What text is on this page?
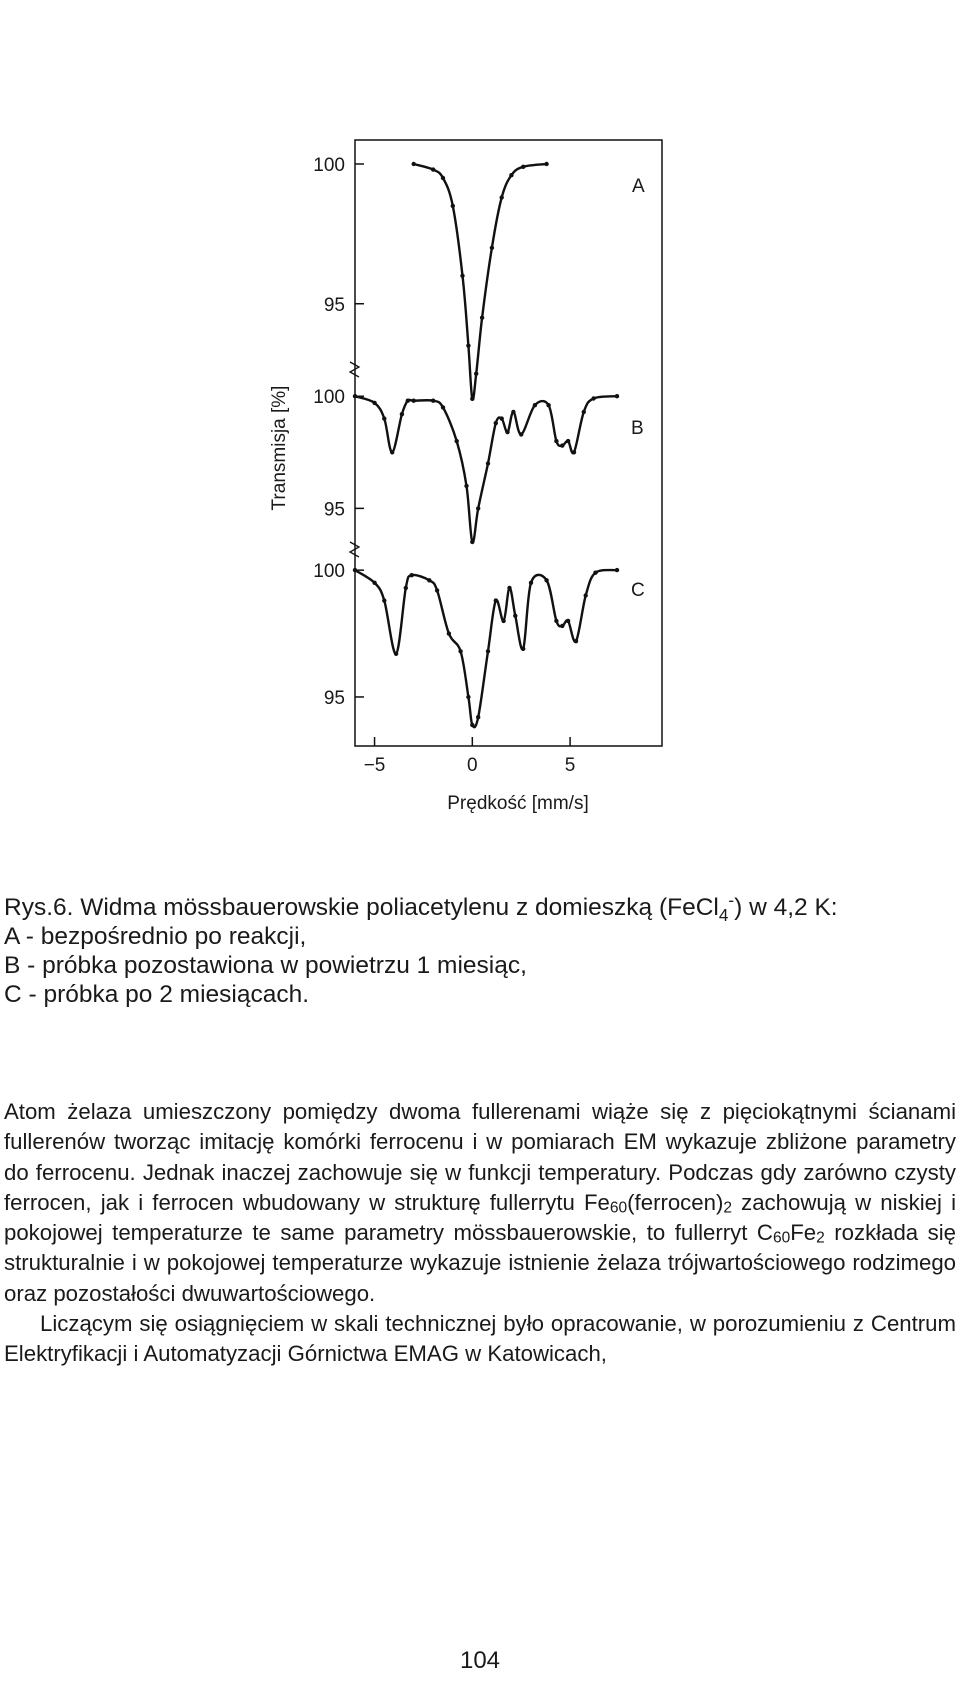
100
95
100
95
100
95
−5	0	5
Transmisja [%]
Prędkość [mm/s]
A
B
C
Rys.6. Widma mössbauerowskie poliacetylenu z domieszką (FeCl$_4$-) w 4,2 K:
A - bezpośrednio po reakcji,
B - próbka pozostawiona w powietrzu 1 miesiąc,
C - próbka po 2 miesiącach.

Atom żelaza umieszczony pomiędzy dwoma fullerenami wiąże się z pięciokątnymi ścianami fullerenów tworząc imitację komórki ferrocenu i w pomiarach EM wykazuje zbliżone parametry do ferrocenu. Jednak inaczej zachowuje się w funkcji temperatury. Podczas gdy zarówno czysty ferrocen, jak i ferrocen wbudowany w strukturę fullerrytu $Fe_{60}(ferrocen)_2$ zachowują w niskiej i pokojowej temperaturze te same parametry mössbauerowskie, to fullerryt $C_{60}Fe_2$ rozkłada się strukturalnie i w pokojowej temperaturze wykazuje istnienie żelaza trójwartościowego rodzimego oraz pozostałości dwuwartościowego.

Liczącym się osiągnięciem w skali technicznej było opracowanie, w porozumieniu z Centrum Elektryfikacji i Automatyzacji Górnictwa EMAG w Katowicach,

104
